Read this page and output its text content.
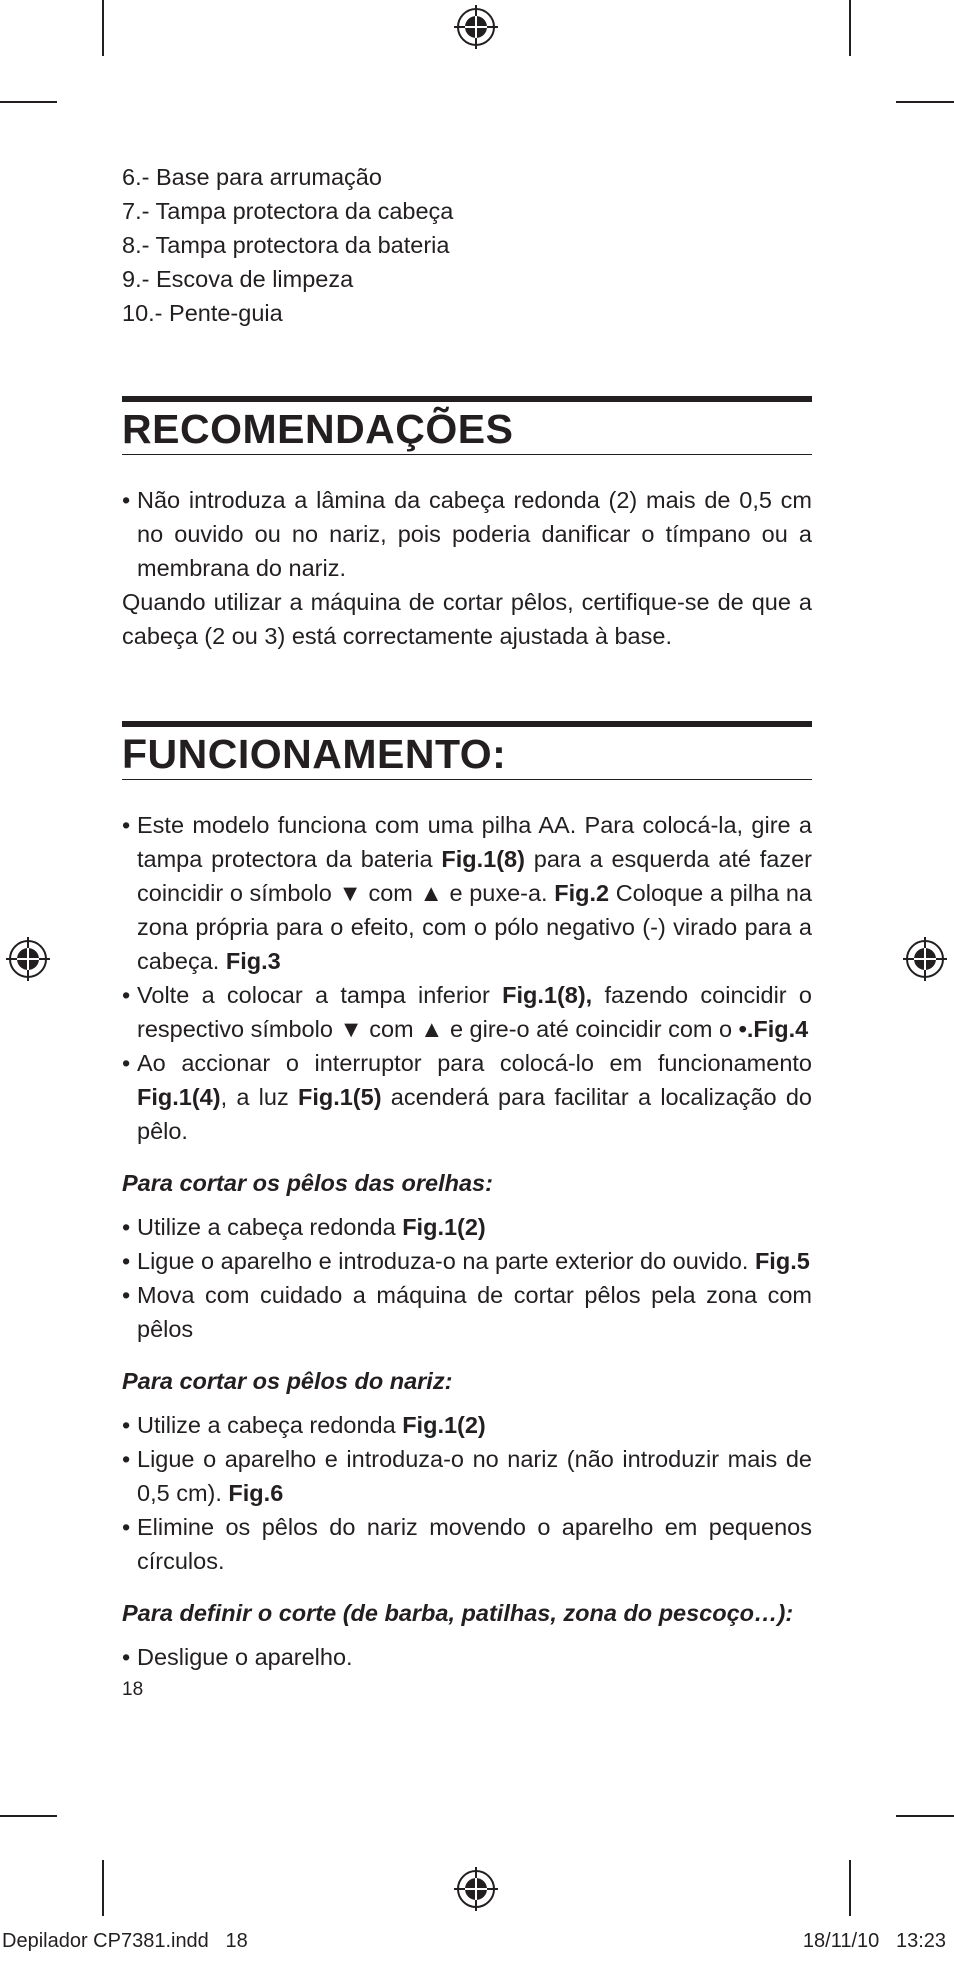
6.- Base para arrumação

7.- Tampa protectora da cabeça

8.- Tampa protectora da bateria

9.- Escova de limpeza

10.- Pente-guia

RECOMENDAÇÕES

• Não introduza a lâmina da cabeça redonda (2) mais de 0,5 cm no ouvido ou no nariz, pois poderia danificar o tímpano ou a membrana do nariz.

Quando utilizar a máquina de cortar pêlos, certifique-se de que a cabeça (2 ou 3) está correctamente ajustada à base.

FUNCIONAMENTO:

• Este modelo funciona com uma pilha AA. Para colocá-la, gire a tampa protectora da bateria Fig.1(8) para a esquerda até fazer coincidir o símbolo ▼ com ▲ e puxe-a. Fig.2 Coloque a pilha na zona própria para o efeito, com o pólo negativo (-) virado para a cabeça. Fig.3

• Volte a colocar a tampa inferior Fig.1(8), fazendo coincidir o respectivo símbolo ▼ com ▲ e gire-o até coincidir com o •.Fig.4

• Ao accionar o interruptor para colocá-lo em funcionamento Fig.1(4), a luz Fig.1(5) acenderá para facilitar a localização do pêlo.

Para cortar os pêlos das orelhas:

• Utilize a cabeça redonda Fig.1(2)

• Ligue o aparelho e introduza-o na parte exterior do ouvido. Fig.5

• Mova com cuidado a máquina de cortar pêlos pela zona com pêlos

Para cortar os pêlos do nariz:

• Utilize a cabeça redonda Fig.1(2)

• Ligue o aparelho e introduza-o no nariz (não introduzir mais de 0,5 cm). Fig.6

• Elimine os pêlos do nariz movendo o aparelho em pequenos círculos.

Para definir o corte (de barba, patilhas, zona do pescoço…):

• Desligue o aparelho.

18

Depilador CP7381.indd   18	18/11/10   13:23
